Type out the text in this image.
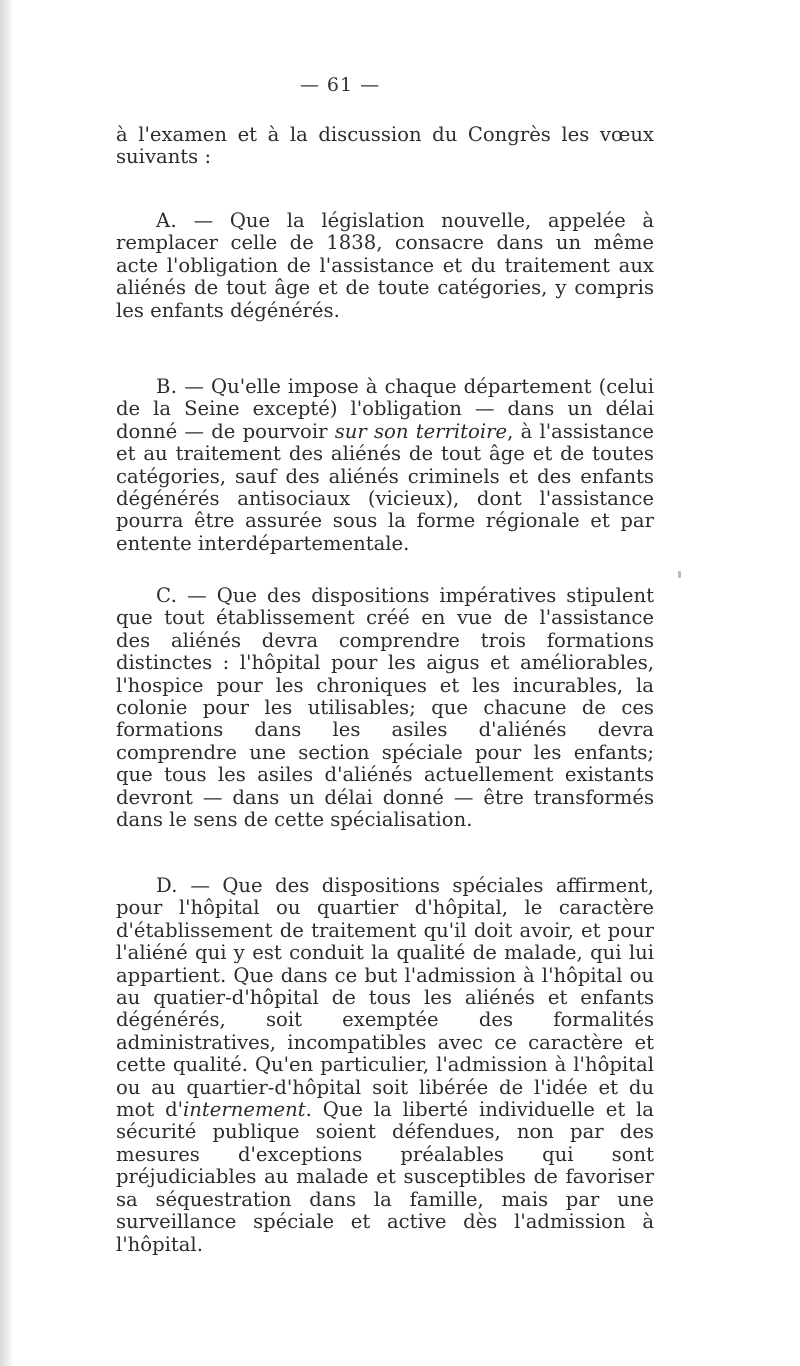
— 61 —

à l'examen et à la discussion du Congrès les vœux suivants :

A. — Que la législation nouvelle, appelée à remplacer celle de 1838, consacre dans un même acte l'obligation de l'assistance et du traitement aux aliénés de tout âge et de toute catégories, y compris les enfants dégénérés.

B. — Qu'elle impose à chaque département (celui de la Seine excepté) l'obligation — dans un délai donné — de pourvoir sur son territoire, à l'assistance et au traitement des aliénés de tout âge et de toutes catégories, sauf des aliénés criminels et des enfants dégénérés antisociaux (vicieux), dont l'assistance pourra être assurée sous la forme régionale et par entente interdépartementale.

C. — Que des dispositions impératives stipulent que tout établissement créé en vue de l'assistance des aliénés devra comprendre trois formations distinctes : l'hôpital pour les aigus et améliorables, l'hospice pour les chroniques et les incurables, la colonie pour les utilisables; que chacune de ces formations dans les asiles d'aliénés devra comprendre une section spéciale pour les enfants; que tous les asiles d'aliénés actuellement existants devront — dans un délai donné — être transformés dans le sens de cette spécialisation.

D. — Que des dispositions spéciales affirment, pour l'hôpital ou quartier d'hôpital, le caractère d'établissement de traitement qu'il doit avoir, et pour l'aliéné qui y est conduit la qualité de malade, qui lui appartient. Que dans ce but l'admission à l'hôpital ou au quatier-d'hôpital de tous les aliénés et enfants dégénérés, soit exemptée des formalités administratives, incompatibles avec ce caractère et cette qualité. Qu'en particulier, l'admission à l'hôpital ou au quartier-d'hôpital soit libérée de l'idée et du mot d'internement. Que la liberté individuelle et la sécurité publique soient défendues, non par des mesures d'exceptions préalables qui sont préjudiciables au malade et susceptibles de favoriser sa séquestration dans la famille, mais par une surveillance spéciale et active dès l'admission à l'hôpital.
